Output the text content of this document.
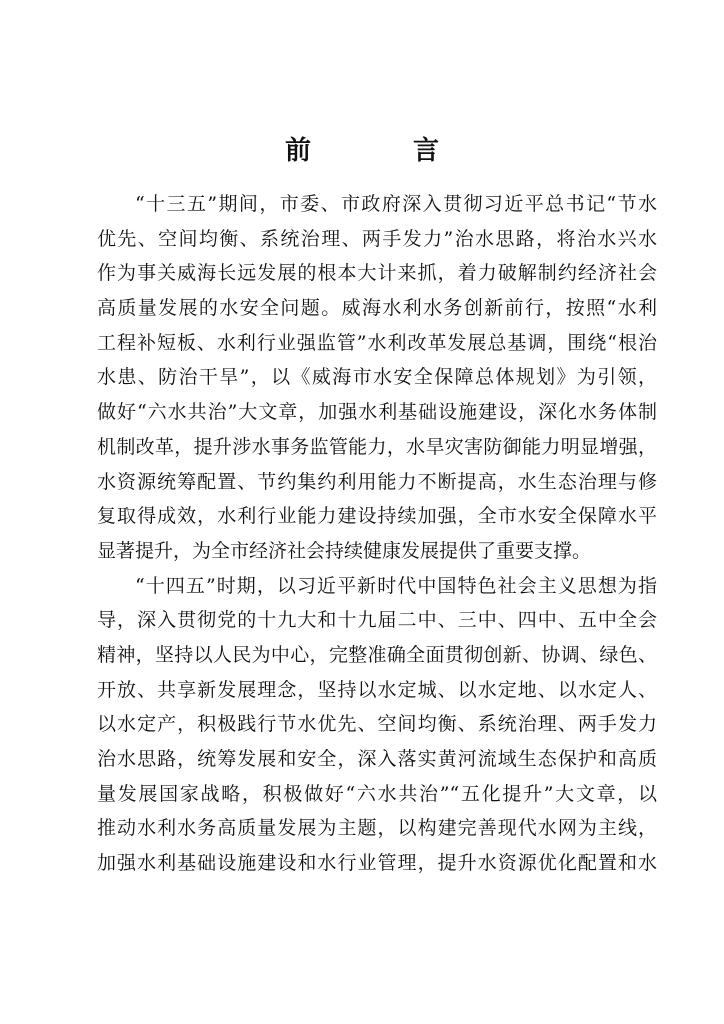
前　言
“十三五”期间，市委、市政府深入贯彻习近平总书记“节水
优先、空间均衡、系统治理、两手发力”治水思路，将治水兴水
作为事关威海长远发展的根本大计来抓，着力破解制约经济社会
高质量发展的水安全问题。威海水利水务创新前行，按照“水利
工程补短板、水利行业强监管”水利改革发展总基调，围绕“根治
水患、防治干旱”，以《威海市水安全保障总体规划》为引领，
做好“六水共治”大文章，加强水利基础设施建设，深化水务体制
机制改革，提升涉水事务监管能力，水旱灾害防御能力明显增强，
水资源统筹配置、节约集约利用能力不断提高，水生态治理与修
复取得成效，水利行业能力建设持续加强，全市水安全保障水平
显著提升，为全市经济社会持续健康发展提供了重要支撑。
“十四五”时期，以习近平新时代中国特色社会主义思想为指
导，深入贯彻党的十九大和十九届二中、三中、四中、五中全会
精神，坚持以人民为中心，完整准确全面贯彻创新、协调、绿色、
开放、共享新发展理念，坚持以水定城、以水定地、以水定人、
以水定产，积极践行节水优先、空间均衡、系统治理、两手发力
治水思路，统筹发展和安全，深入落实黄河流域生态保护和高质
量发展国家战略，积极做好“六水共治”“五化提升”大文章，以
推动水利水务高质量发展为主题，以构建完善现代水网为主线，
加强水利基础设施建设和水行业管理，提升水资源优化配置和水
